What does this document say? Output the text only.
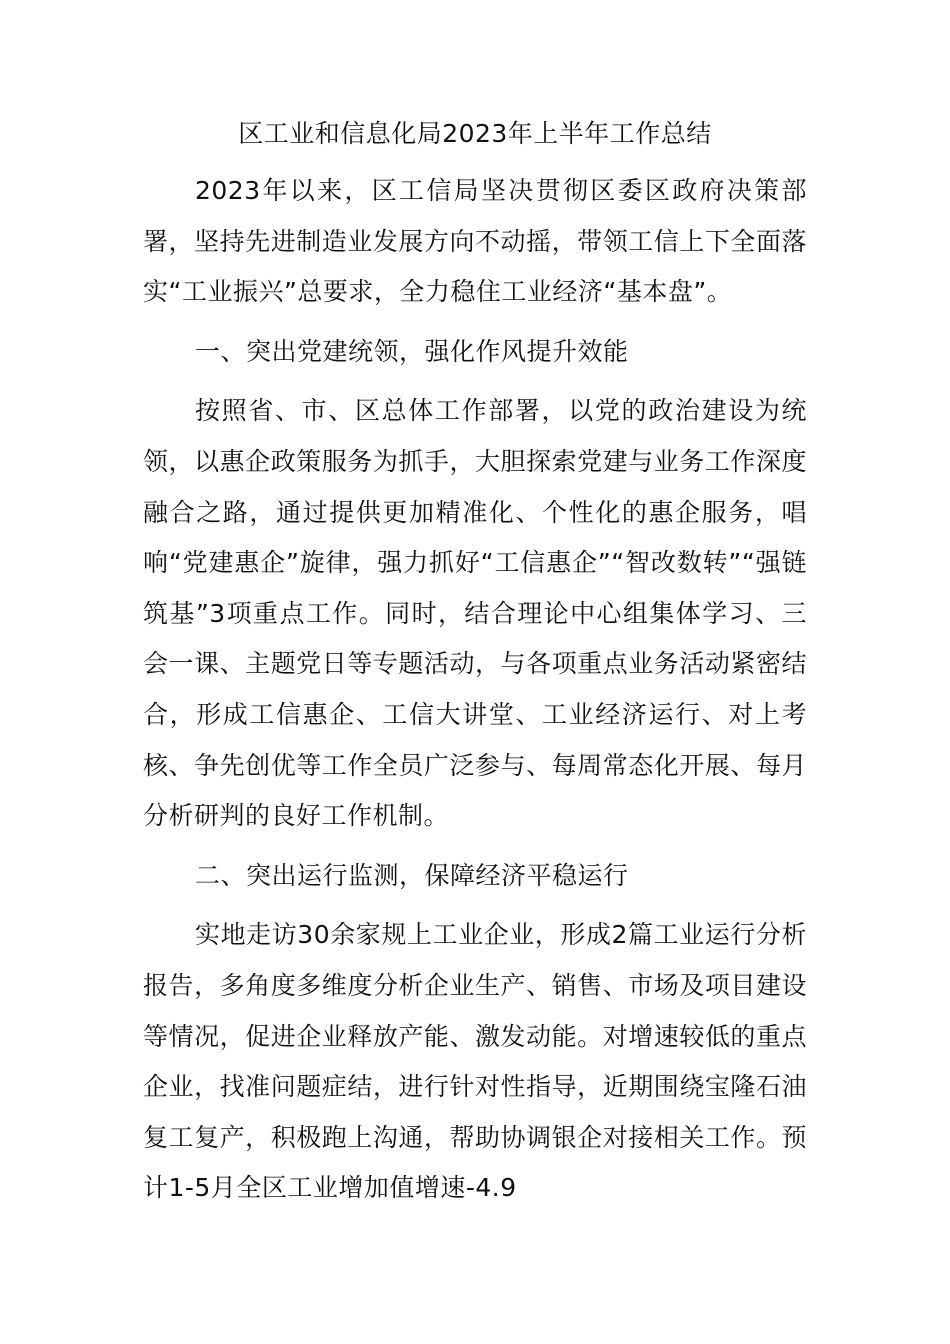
区工业和信息化局2023年上半年工作总结
2023年以来，区工信局坚决贯彻区委区政府决策部署，坚持先进制造业发展方向不动摇，带领工信上下全面落实“工业振兴”总要求，全力稳住工业经济“基本盘”。
一、突出党建统领，强化作风提升效能
按照省、市、区总体工作部署，以党的政治建设为统领，以惠企政策服务为抓手，大胆探索党建与业务工作深度融合之路，通过提供更加精准化、个性化的惠企服务，唱响“党建惠企”旋律，强力抓好“工信惠企”“智改数转”“强链筑基”3项重点工作。同时，结合理论中心组集体学习、三会一课、主题党日等专题活动，与各项重点业务活动紧密结合，形成工信惠企、工信大讲堂、工业经济运行、对上考核、争先创优等工作全员广泛参与、每周常态化开展、每月分析研判的良好工作机制。
二、突出运行监测，保障经济平稳运行
实地走访30余家规上工业企业，形成2篇工业运行分析报告，多角度多维度分析企业生产、销售、市场及项目建设等情况，促进企业释放产能、激发动能。对增速较低的重点企业，找准问题症结，进行针对性指导，近期围绕宝隆石油复工复产，积极跑上沟通，帮助协调银企对接相关工作。预计1-5月全区工业增加值增速-4.9
